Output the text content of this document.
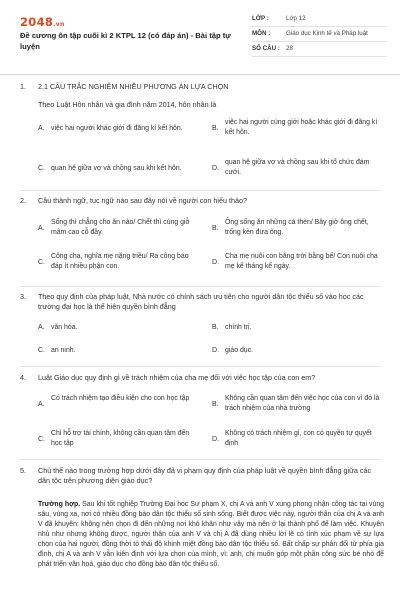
2048.vn
Đề cương ôn tập cuối kì 2 KTPL 12 (có đáp án) - Bài tập tự luyện
LỚP :	Lớp 12
MÔN :	Giáo dục Kinh tế và Pháp luật
SỐ CÂU : 28
1. 2.1 CÂU TRẮC NGHIỆM NHIỀU PHƯƠNG ÁN LỰA CHỌN
Theo Luật Hôn nhân và gia đình năm 2014, hôn nhân là
A. việc hai người khác giới đi đăng kí kết hôn.	B.
việc hai người cùng giới hoặc khác giới đi đăng kí kết hôn.
C. quan hệ giữa vợ và chồng sau khi kết hôn.	D.
quan hệ giữa vợ và chồng sau khi tổ chức đám cưới.
2. Câu thành ngữ, tục ngữ nào sau đây nói về người con hiếu thảo?
A.
Sống thì chẳng cho ăn nào/ Chết thì cúng giỗ mâm cao cỗ đầy.
B.
Ông sống ăn những cá thèn/ Bây giờ ông chết, trống kèn đưa ông.
C.
Công cha, nghĩa mẹ nặng triều/ Ra công báo đáp ít nhiều phận con.
D.
Cha mẹ nuôi con bằng trời bằng bể/ Con nuôi cha mẹ kể tháng kể ngày.
3. Theo quy định của pháp luật, Nhà nước có chính sách ưu tiên cho người dân tộc thiểu số vào học các trường đại học là thể hiện quyền bình đẳng
A. văn hóa.	B. chính trị.
C. an ninh.	D. giáo dục.
4. Luật Giáo dục quy định gì về trách nhiệm của cha mẹ đối với việc học tập của con em?
A.
Có trách nhiệm tạo điều kiện cho con học tập
B.
Không cần quan tâm đến việc học của con vì đó là trách nhiệm của nhà trường
C.
Chỉ hỗ trợ tài chính, không cần quan tâm đến học tập
D.
Không có trách nhiệm gì, con có quyền tự quyết định
5. Chủ thể nào trong trường hợp dưới đây đã vi phạm quy định của pháp luật về quyền bình đẳng giữa các dân tộc trên phương diện giáo dục?
Trường hợp. Sau khi tốt nghiệp Trường Đại học Sư phạm X, chị A và anh V xung phong nhận công tác tại vùng sâu, vùng xa, nơi có nhiều đồng bào dân tộc thiểu số sinh sống. Biết được việc này, người thân của chị A và anh V đã khuyên: không nên chọn đi đến những nơi khó khăn như vậy mà nên ở lại thành phố để làm việc. Khuyên nhủ như nhưng không được, người thân của anh V và chị A đã dùng nhiều lời lẽ có tính xúc phạm về sự lựa chọn của hai người; đồng thời tỏ thái độ khinh miệt đồng bào dân tộc thiểu số. Bất chấp sự phản đối từ phía gia đình, chị A và anh V vẫn kiên định với lựa chọn của mình, vì: anh, chị muốn góp một phần công sức bé nhỏ để phát triển văn hoá, giáo dục cho đồng bào dân tộc thiểu số.
